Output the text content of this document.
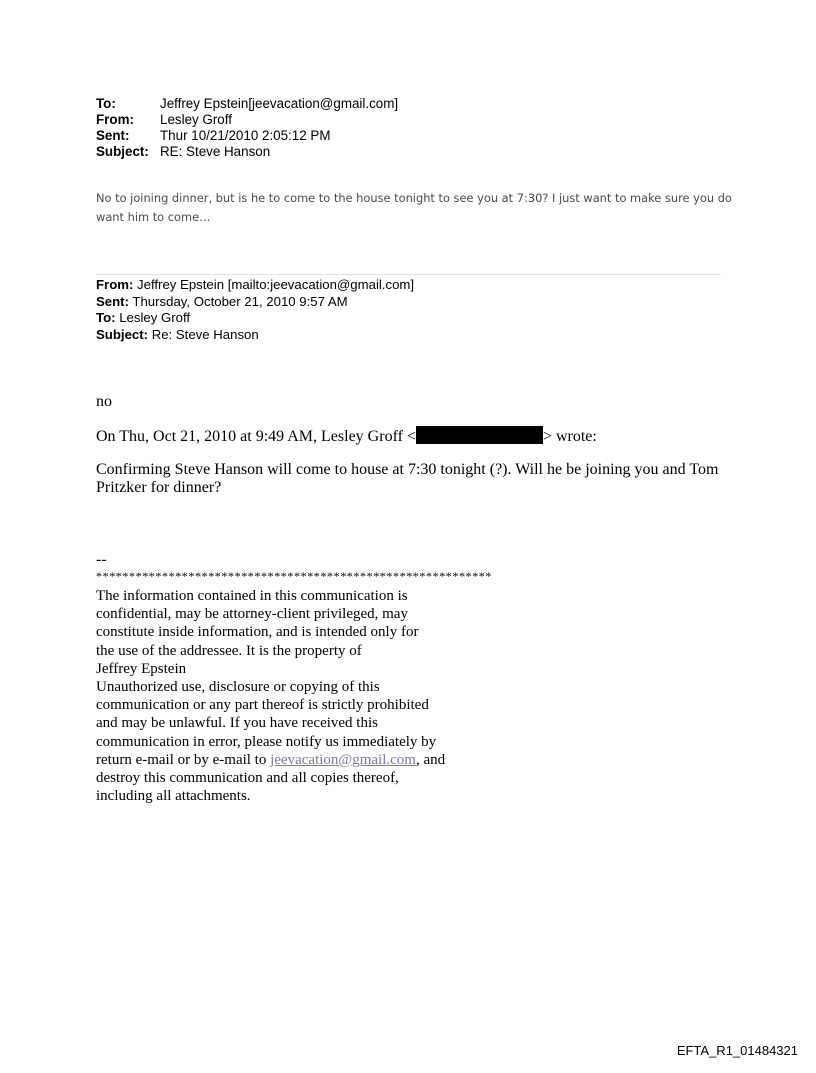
To:	Jeffrey Epstein[jeevacation@gmail.com]
From:	Lesley Groff
Sent:	Thur 10/21/2010 2:05:12 PM
Subject: RE: Steve Hanson
No to joining dinner, but is he to come to the house tonight to see you at 7:30? I just want to make sure you do want him to come…
From: Jeffrey Epstein [mailto:jeevacation@gmail.com]
Sent: Thursday, October 21, 2010 9:57 AM
To: Lesley Groff
Subject: Re: Steve Hanson
no
On Thu, Oct 21, 2010 at 9:49 AM, Lesley Groff <	> wrote:
Confirming Steve Hanson will come to house at 7:30 tonight (?). Will he be joining you and Tom Pritzker for dinner?
--
************************************************************
The information contained in this communication is
confidential, may be attorney-client privileged, may
constitute inside information, and is intended only for
the use of the addressee. It is the property of
Jeffrey Epstein
Unauthorized use, disclosure or copying of this
communication or any part thereof is strictly prohibited
and may be unlawful. If you have received this
communication in error, please notify us immediately by
return e-mail or by e-mail to jeevacation@gmail.com, and
destroy this communication and all copies thereof,
including all attachments.
EFTA_R1_01484321
